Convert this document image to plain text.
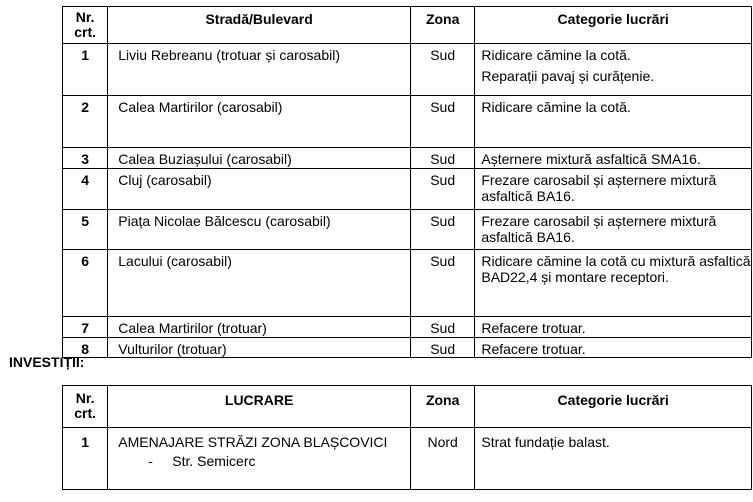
Nr.
crt.	Stradă/Bulevard	Zona	Categorie lucrări
1	Liviu Rebreanu (trotuar și carosabil)	Sud	Ridicare cămine la cotă.
Reparații pavaj și curățenie.

2	Calea Martirilor (carosabil)	Sud	Ridicare cămine la cotă.
3	Calea Buziașului (carosabil)	Sud	Așternere mixtură asfaltică SMA16.
4	Cluj (carosabil)	Sud	Frezare carosabil și așternere mixtură asfaltică BA16.
5	Piața Nicolae Bălcescu (carosabil)	Sud	Frezare carosabil și așternere mixtură asfaltică BA16.
6	Lacului (carosabil)	Sud	Ridicare cămine la cotă cu mixtură asfaltică BAD22,4 și montare receptori.
7	Calea Martirilor (trotuar)	Sud	Refacere trotuar.
8	Vulturilor (trotuar)	Sud	Refacere trotuar.
INVESTIȚII:
Nr.
crt.	LUCRARE	Zona	Categorie lucrări
1	AMENAJARE STRĂZI ZONA BLAȘCOVICI
- Str. Semicerc	Nord	Strat fundație balast.
